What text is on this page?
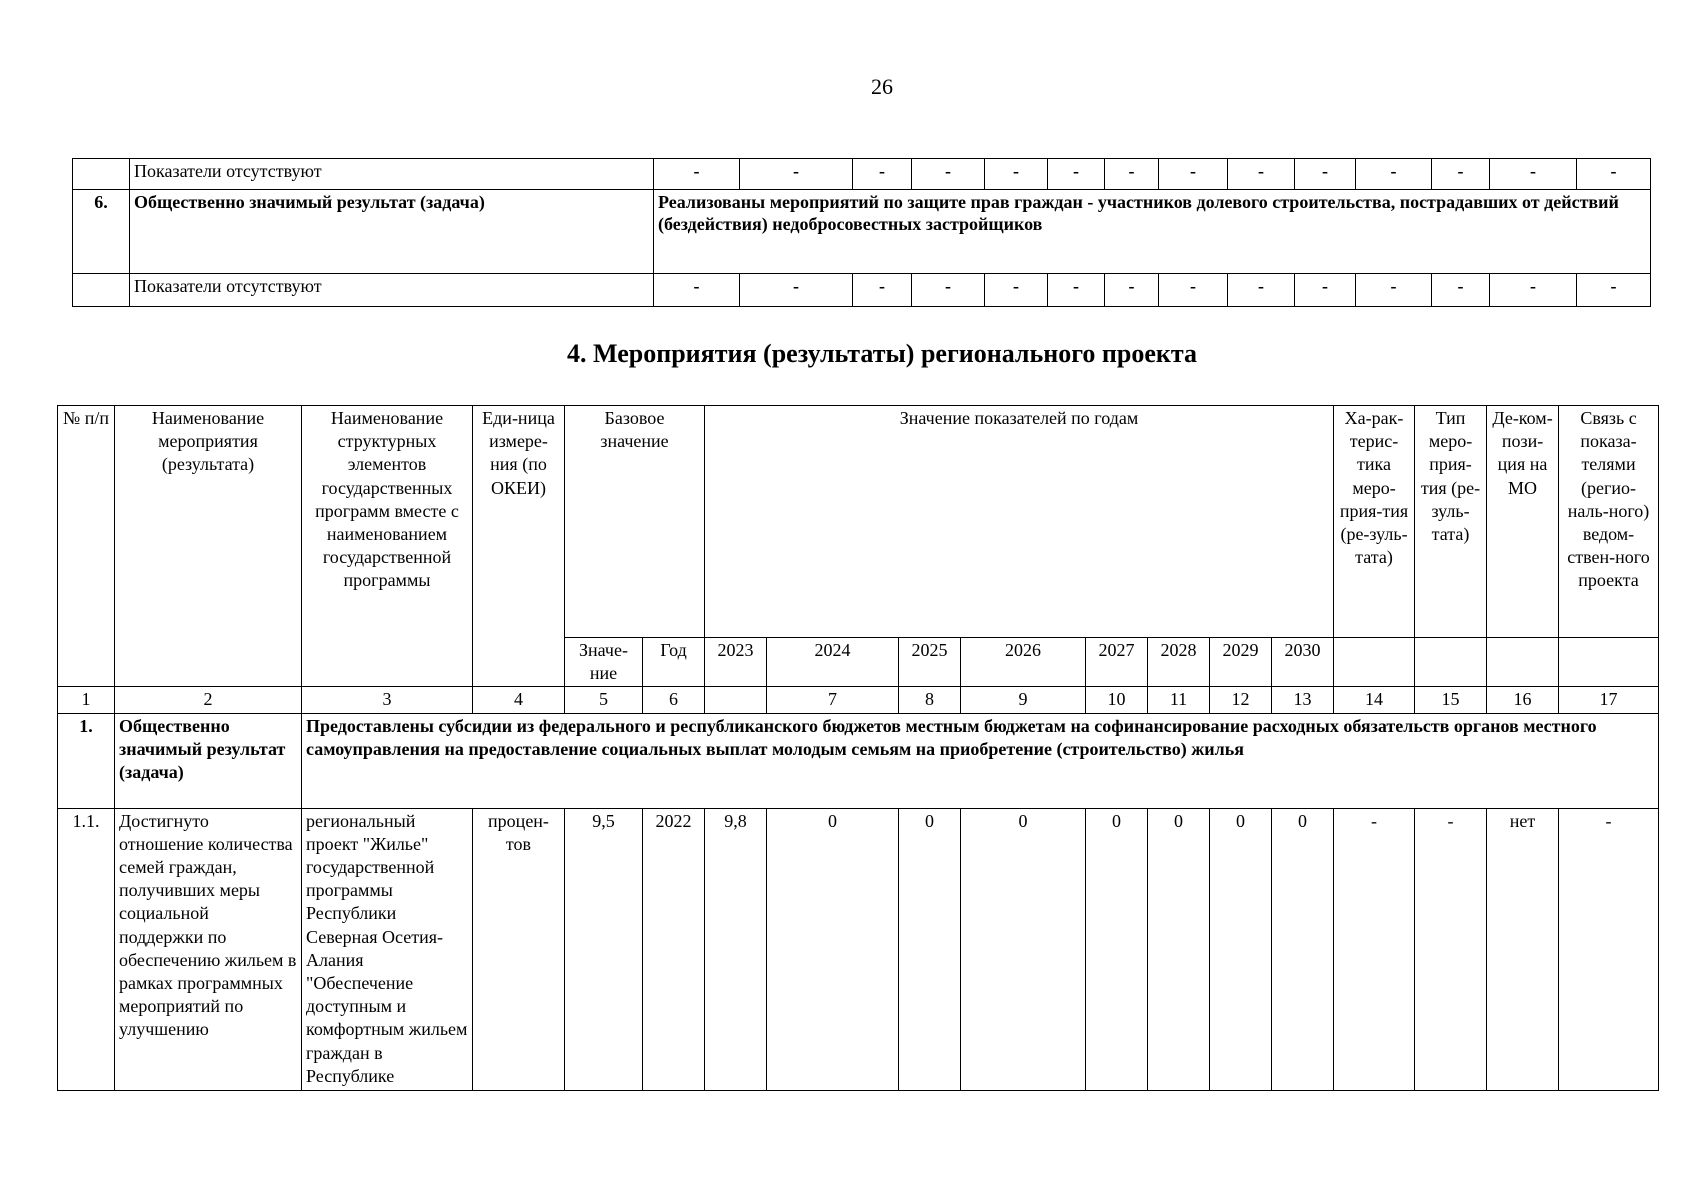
26
	Показатели отсутствуют	-	-	-	-	-	-	-	-	-	-	-	-	-	-
6.	Общественно значимый результат (задача)	Реализованы мероприятий по защите прав граждан - участников долевого строительства, пострадавших от действий (бездействия) недобросовестных застройщиков													
	Показатели отсутствуют	-	-	-	-	-	-	-	-	-	-	-	-	-	-
4. Мероприятия (результаты) регионального проекта
№ п/п	Наименование мероприятия (результата)	Наименование структурных элементов государственных программ вместе с наименованием государственной программы	Еди-ница измере-ния (по ОКЕИ)	Базовое значение		Значение показателей по годам								Ха-рак-терис-тика меро-прия-тия (ре-зуль-тата)	Тип меро-прия-тия (ре-зуль-тата)	Де-ком-пози-ция на МО	Связь с показа-телями (регио-наль-ного) ведом-ствен-ного проекта
				Значе-ние	Год	2023	2024	2025	2026	2027	2028	2029	2030				
1	2	3	4	5	6		7	8	9	10	11	12	13	14	15	16	17
1.	Общественно значимый результат (задача)	Предоставлены субсидии из федерального и республиканского бюджетов местным бюджетам на софинансирование расходных обязательств органов местного самоуправления на предоставление социальных выплат молодым семьям на приобретение (строительство) жилья															
1.1.	Достигнуто отношение количества семей граждан, получивших меры социальной поддержки по обеспечению жильем в рамках программных мероприятий по улучшению	региональный проект "Жилье" государственной программы Республики Северная Осетия-Алания "Обеспечение доступным и комфортным жильем граждан в Республике	процен-тов	9,5	2022	9,8	0	0	0	0	0	0	0	-	-	нет	-
